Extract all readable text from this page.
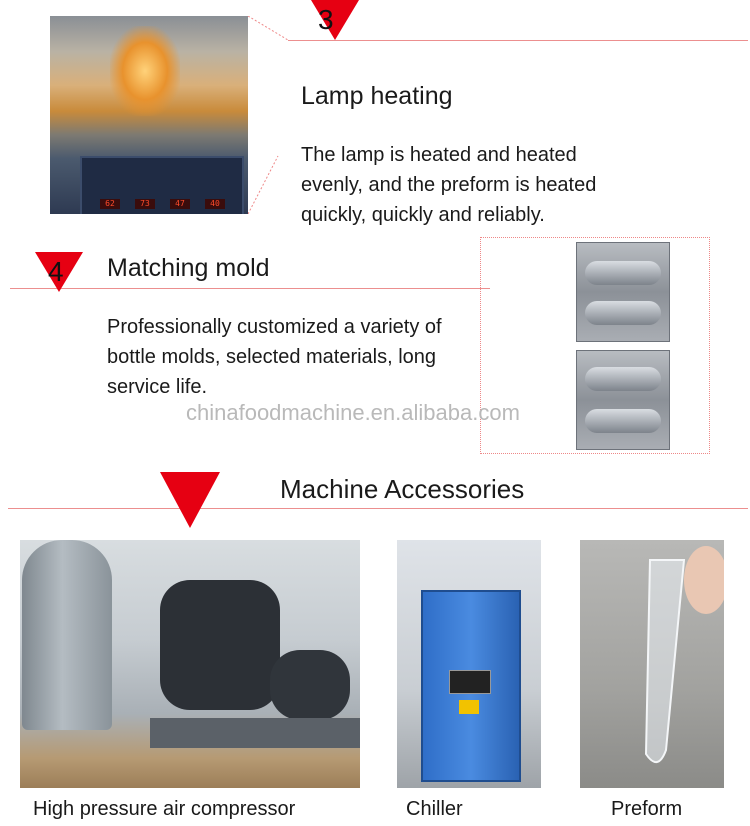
62	73	47	40
3
Lamp heating
The lamp is heated and heated
evenly, and the preform is heated
quickly, quickly and reliably.
4 Matching mold
Professionally customized a variety of
bottle molds, selected materials, long
service life.
chinafoodmachine.en.alibaba.com
Machine Accessories
High pressure air compressor	Chiller	Preform
